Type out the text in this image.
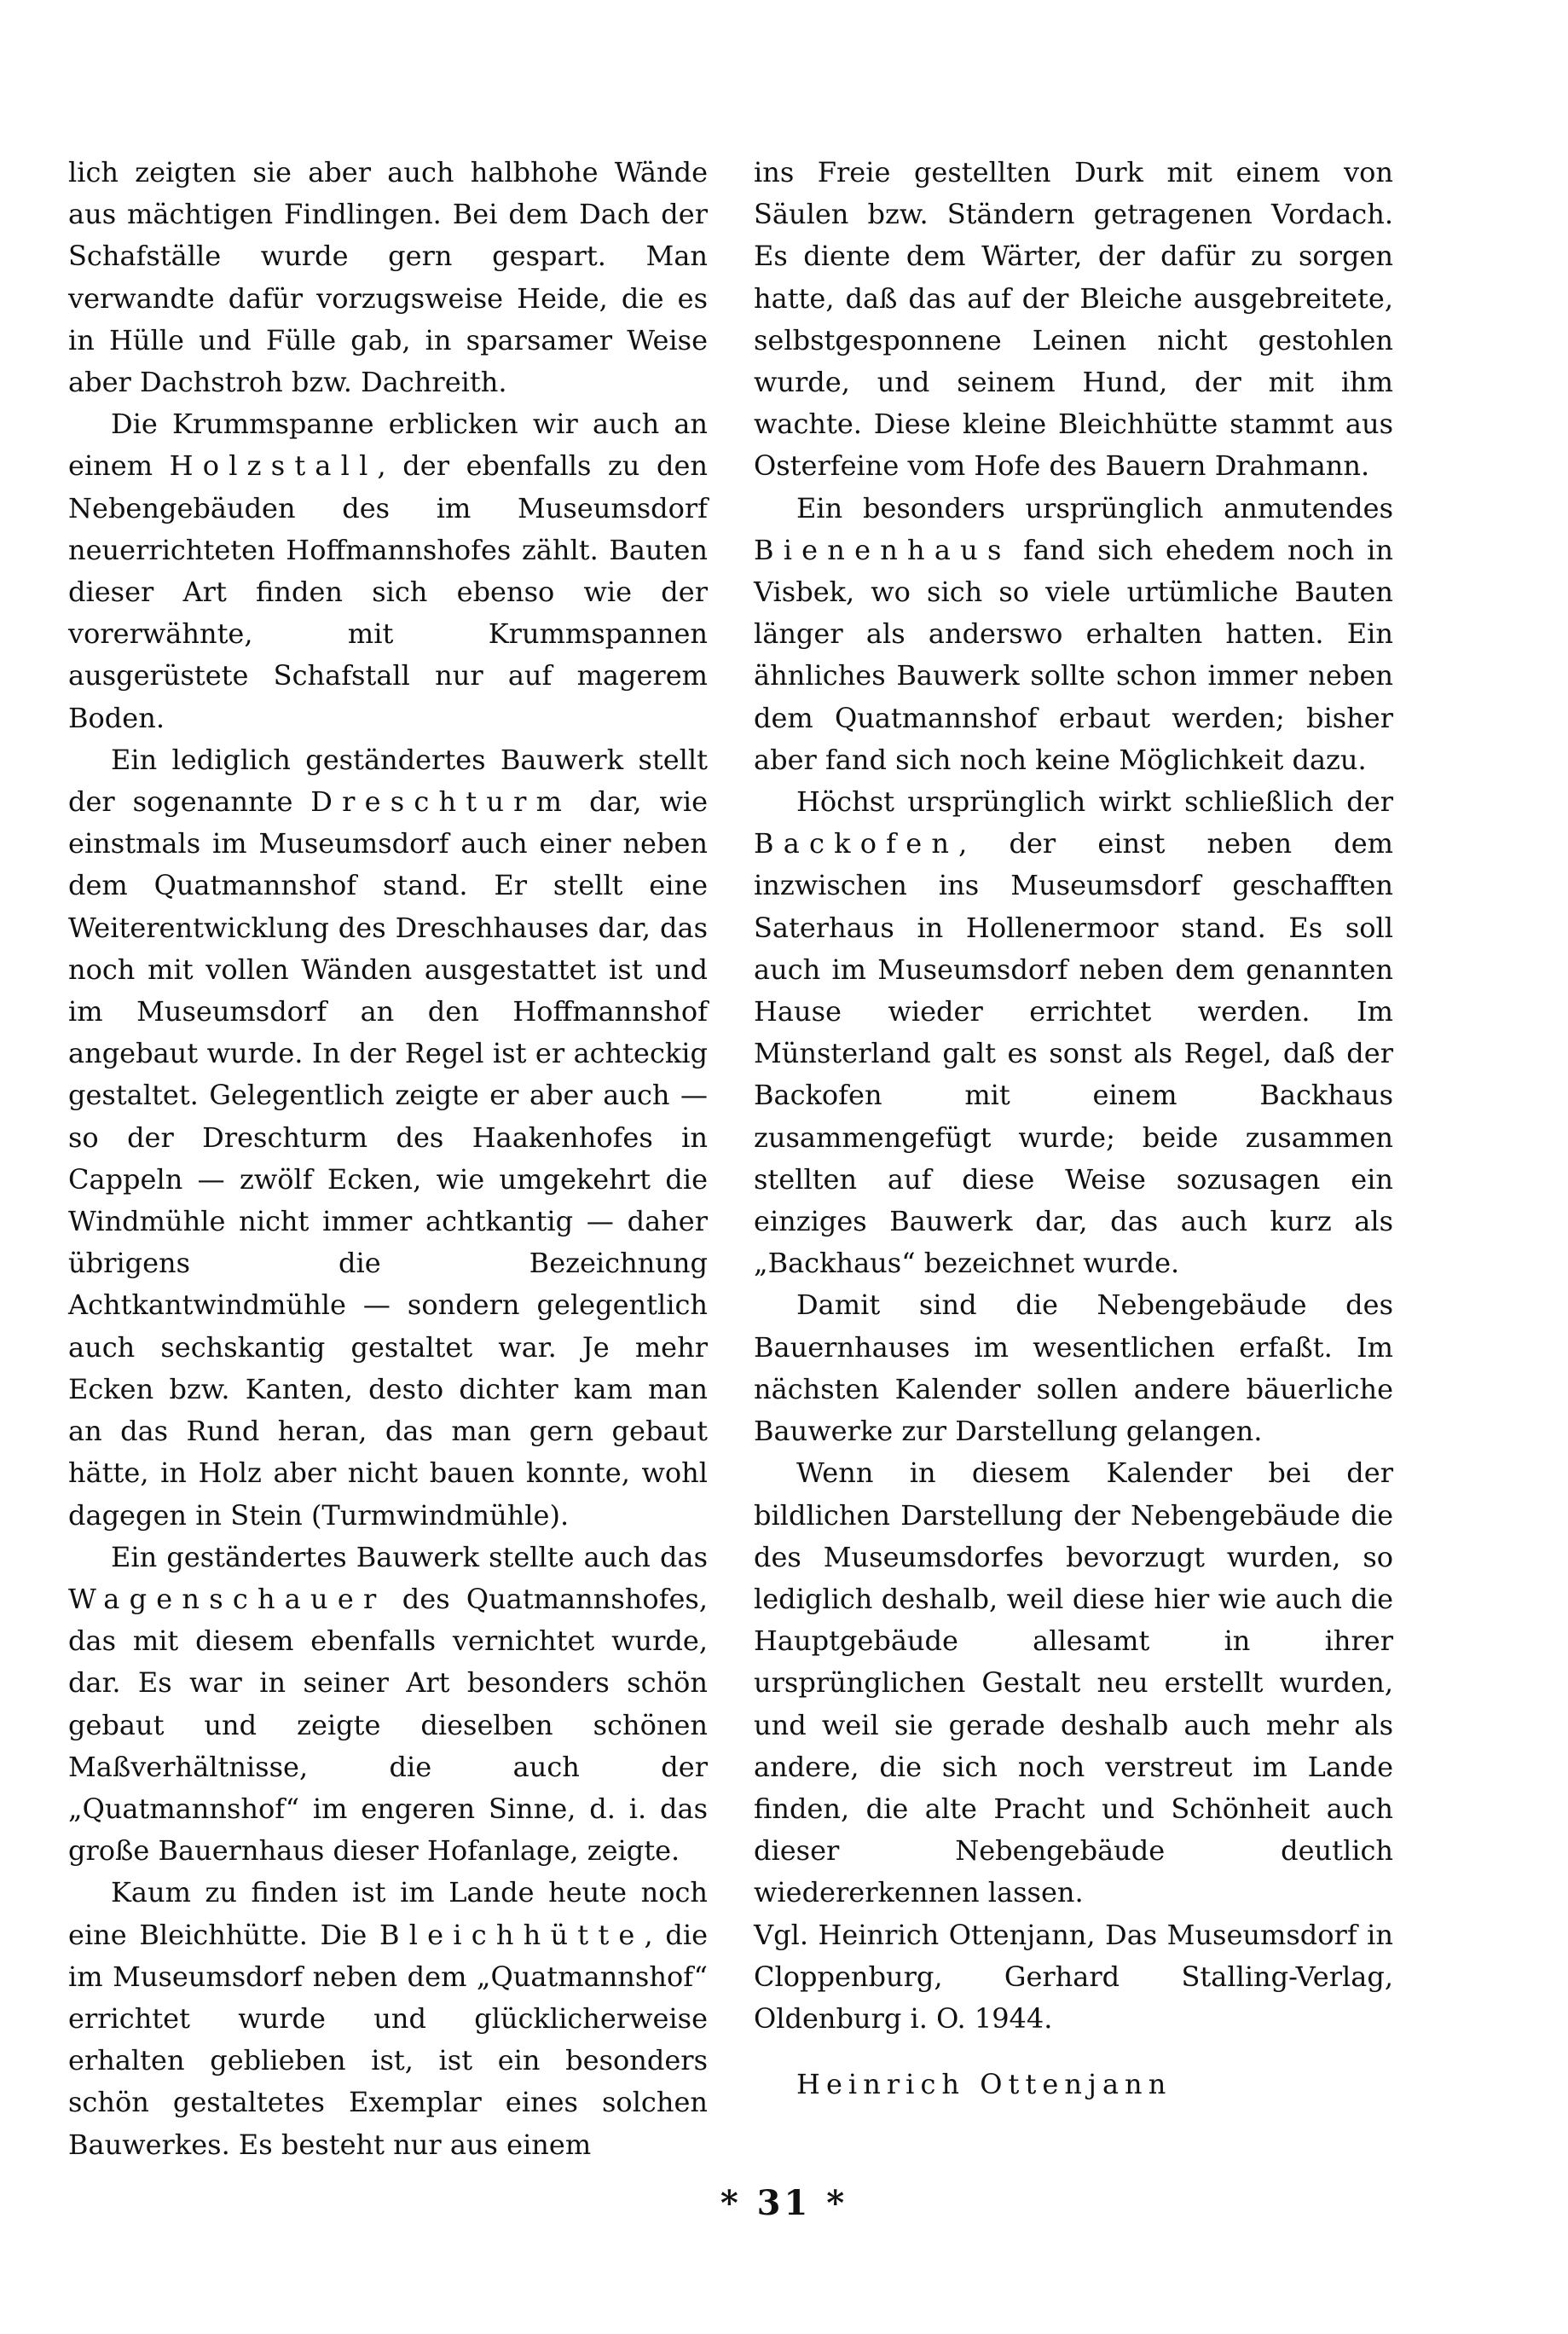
lich zeigten sie aber auch halbhohe Wände aus mächtigen Findlingen. Bei dem Dach der Schafställe wurde gern gespart. Man verwandte dafür vorzugsweise Heide, die es in Hülle und Fülle gab, in sparsamer Weise aber Dachstroh bzw. Dachreith.

Die Krummspanne erblicken wir auch an einem Holzstall, der ebenfalls zu den Nebengebäuden des im Museumsdorf neuerrichteten Hoffmannshofes zählt. Bauten dieser Art finden sich ebenso wie der vorerwähnte, mit Krummspannen ausgerüstete Schafstall nur auf magerem Boden.

Ein lediglich geständertes Bauwerk stellt der sogenannte Dreschturm dar, wie einstmals im Museumsdorf auch einer neben dem Quatmannshof stand. Er stellt eine Weiterentwicklung des Dreschhauses dar, das noch mit vollen Wänden ausgestattet ist und im Museumsdorf an den Hoffmannshof angebaut wurde. In der Regel ist er achteckig gestaltet. Gelegentlich zeigte er aber auch — so der Dreschturm des Haakenhofes in Cappeln — zwölf Ecken, wie umgekehrt die Windmühle nicht immer achtkantig — daher übrigens die Bezeichnung Achtkantwindmühle — sondern gelegentlich auch sechskantig gestaltet war. Je mehr Ecken bzw. Kanten, desto dichter kam man an das Rund heran, das man gern gebaut hätte, in Holz aber nicht bauen konnte, wohl dagegen in Stein (Turmwindmühle).

Ein geständertes Bauwerk stellte auch das Wagenschauer des Quatmannshofes, das mit diesem ebenfalls vernichtet wurde, dar. Es war in seiner Art besonders schön gebaut und zeigte dieselben schönen Maßverhältnisse, die auch der „Quatmannshof“ im engeren Sinne, d. i. das große Bauernhaus dieser Hofanlage, zeigte.

Kaum zu finden ist im Lande heute noch eine Bleichhütte. Die Bleichhütte, die im Museumsdorf neben dem „Quatmannshof“ errichtet wurde und glücklicherweise erhalten geblieben ist, ist ein besonders schön gestaltetes Exemplar eines solchen Bauwerkes. Es besteht nur aus einem

ins Freie gestellten Durk mit einem von Säulen bzw. Ständern getragenen Vordach. Es diente dem Wärter, der dafür zu sorgen hatte, daß das auf der Bleiche ausgebreitete, selbstgesponnene Leinen nicht gestohlen wurde, und seinem Hund, der mit ihm wachte. Diese kleine Bleichhütte stammt aus Osterfeine vom Hofe des Bauern Drahmann.

Ein besonders ursprünglich anmutendes Bienenhaus fand sich ehedem noch in Visbek, wo sich so viele urtümliche Bauten länger als anderswo erhalten hatten. Ein ähnliches Bauwerk sollte schon immer neben dem Quatmannshof erbaut werden; bisher aber fand sich noch keine Möglichkeit dazu.

Höchst ursprünglich wirkt schließlich der Backofen, der einst neben dem inzwischen ins Museumsdorf geschafften Saterhaus in Hollenermoor stand. Es soll auch im Museumsdorf neben dem genannten Hause wieder errichtet werden. Im Münsterland galt es sonst als Regel, daß der Backofen mit einem Backhaus zusammengefügt wurde; beide zusammen stellten auf diese Weise sozusagen ein einziges Bauwerk dar, das auch kurz als „Backhaus“ bezeichnet wurde.

Damit sind die Nebengebäude des Bauernhauses im wesentlichen erfaßt. Im nächsten Kalender sollen andere bäuerliche Bauwerke zur Darstellung gelangen.

Wenn in diesem Kalender bei der bildlichen Darstellung der Nebengebäude die des Museumsdorfes bevorzugt wurden, so lediglich deshalb, weil diese hier wie auch die Hauptgebäude allesamt in ihrer ursprünglichen Gestalt neu erstellt wurden, und weil sie gerade deshalb auch mehr als andere, die sich noch verstreut im Lande finden, die alte Pracht und Schönheit auch dieser Nebengebäude deutlich wiedererkennen lassen.

Vgl. Heinrich Ottenjann, Das Museumsdorf in Cloppenburg, Gerhard Stalling-Verlag, Oldenburg i. O. 1944.

Heinrich Ottenjann

* 31 *
